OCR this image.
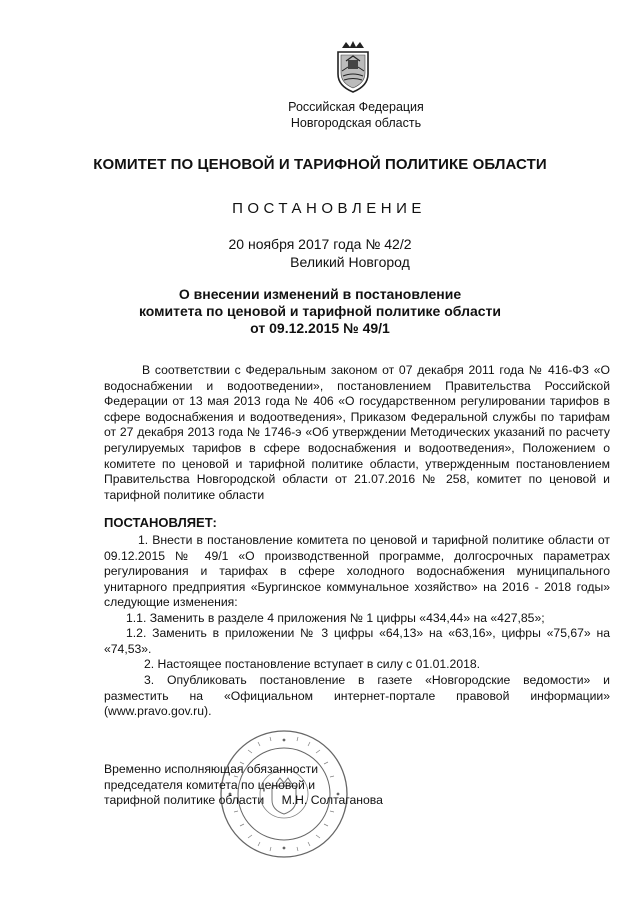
Российская Федерация
Новгородская область
КОМИТЕТ ПО ЦЕНОВОЙ И ТАРИФНОЙ ПОЛИТИКЕ ОБЛАСТИ
ПОСТАНОВЛЕНИЕ
20 ноября 2017 года № 42/2
Великий Новгород
О внесении изменений в постановление
комитета по ценовой и тарифной политике области
от 09.12.2015 № 49/1
В соответствии с Федеральным законом от 07 декабря 2011 года № 416-ФЗ «О водоснабжении и водоотведении», постановлением Правительства Российской Федерации от 13 мая 2013 года № 406 «О государственном регулировании тарифов в сфере водоснабжения и водоотведения», Приказом Федеральной службы по тарифам от 27 декабря 2013 года № 1746-э «Об утверждении Методических указаний по расчету регулируемых тарифов в сфере водоснабжения и водоотведения», Положением о комитете по ценовой и тарифной политике области, утвержденным постановлением Правительства Новгородской области от 21.07.2016 № 258, комитет по ценовой и тарифной политике области
ПОСТАНОВЛЯЕТ:
1. Внести в постановление комитета по ценовой и тарифной политике области от 09.12.2015 № 49/1 «О производственной программе, долгосрочных параметрах регулирования и тарифах в сфере холодного водоснабжения муниципального унитарного предприятия «Бургинское коммунальное хозяйство» на 2016 - 2018 годы» следующие изменения:
1.1. Заменить в разделе 4 приложения № 1 цифры «434,44» на «427,85»;
1.2. Заменить в приложении № 3 цифры «64,13» на «63,16», цифры «75,67» на «74,53».
2. Настоящее постановление вступает в силу с 01.01.2018.
3. Опубликовать постановление в газете «Новгородские ведомости» и разместить на «Официальном интернет-портале правовой информации» (www.pravo.gov.ru).
Временно исполняющая обязанности
председателя комитета по ценовой и
тарифной политике области М.Н. Солтаганова
